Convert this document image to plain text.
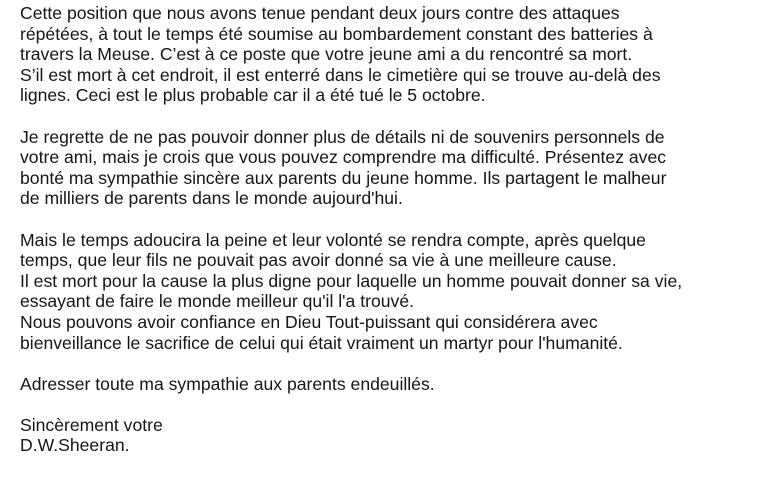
Cette position que nous avons tenue pendant deux jours contre des attaques
répétées, à tout le temps été soumise au bombardement constant des batteries à
travers la Meuse. C’est à ce poste que votre jeune ami a du rencontré sa mort.
S’il est mort à cet endroit, il est enterré dans le cimetière qui se trouve au-delà des
lignes. Ceci est le plus probable car il a été tué le 5 octobre.
Je regrette de ne pas pouvoir donner plus de détails ni de souvenirs personnels de
votre ami, mais je crois que vous pouvez comprendre ma difficulté. Présentez avec
bonté ma sympathie sincère aux parents du jeune homme. Ils partagent le malheur
de milliers de parents dans le monde aujourd'hui.
Mais le temps adoucira la peine et leur volonté se rendra compte, après quelque
temps, que leur fils ne pouvait pas avoir donné sa vie à une meilleure cause.
Il est mort pour la cause la plus digne pour laquelle un homme pouvait donner sa vie,
essayant de faire le monde meilleur qu'il l'a trouvé.
Nous pouvons avoir confiance en Dieu Tout-puissant qui considérera avec
bienveillance le sacrifice de celui qui était vraiment un martyr pour l'humanité.
Adresser toute ma sympathie aux parents endeuillés.
Sincèrement votre
D.W.Sheeran.
